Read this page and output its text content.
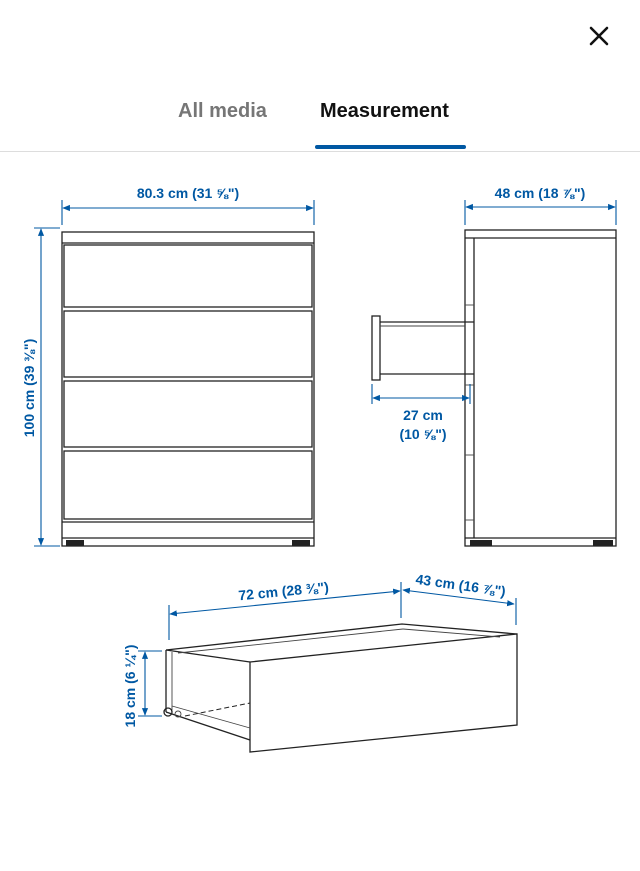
All media	Measurement
80.3 cm (31 ⅝")
100 cm (39 ⅜")
48 cm (18 ⅞")
27 cm
(10 ⅝")
72 cm (28 ⅜")	43 cm (16 ⅞")
18 cm (6 ¼")
